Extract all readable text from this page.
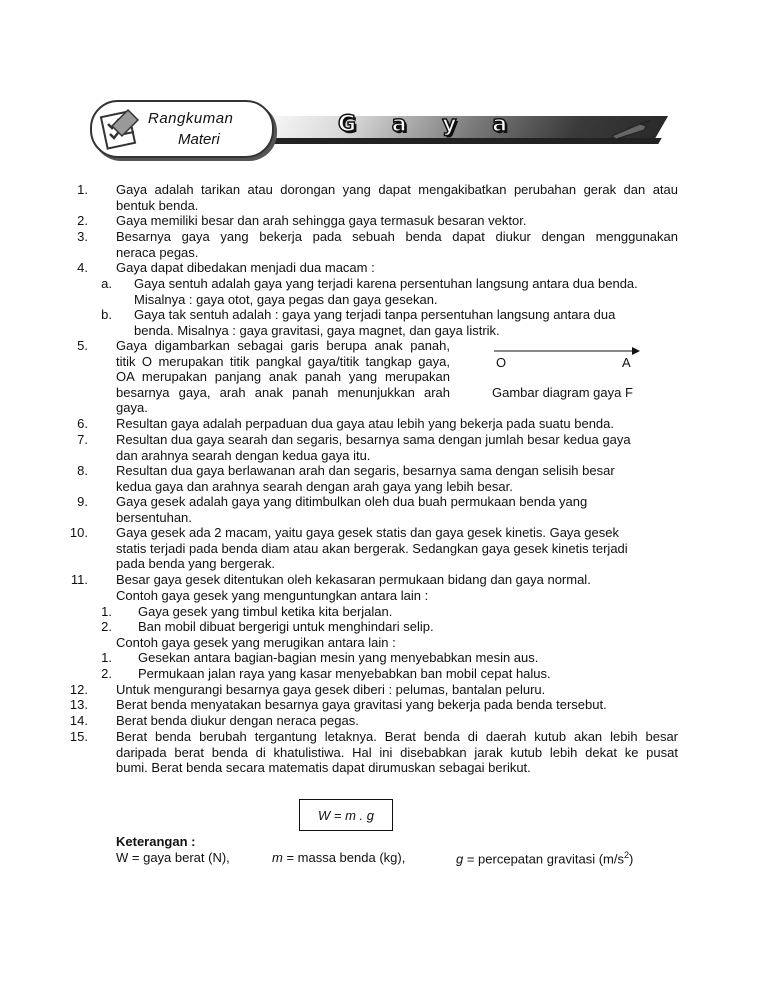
Rangkuman
Materi
G a y a
1. Gaya adalah tarikan atau dorongan yang dapat mengakibatkan perubahan gerak dan atau
bentuk benda.
2. Gaya memiliki besar dan arah sehingga gaya termasuk besaran vektor.
3. Besarnya gaya yang bekerja pada sebuah benda dapat diukur dengan menggunakan
neraca pegas.
4. Gaya dapat dibedakan menjadi dua macam :
a. Gaya sentuh adalah gaya yang terjadi karena persentuhan langsung antara dua benda.
Misalnya : gaya otot, gaya pegas dan gaya gesekan.
b. Gaya tak sentuh adalah : gaya yang terjadi tanpa persentuhan langsung antara dua
benda. Misalnya : gaya gravitasi, gaya magnet, dan gaya listrik.
5. Gaya digambarkan sebagai garis berupa anak panah,
titik O merupakan titik pangkal gaya/titik tangkap gaya,
OA merupakan panjang anak panah yang merupakan
besarnya gaya, arah anak panah menunjukkan arah
gaya.
6. Resultan gaya adalah perpaduan dua gaya atau lebih yang bekerja pada suatu benda.
7. Resultan dua gaya searah dan segaris, besarnya sama dengan jumlah besar kedua gaya
dan arahnya searah dengan kedua gaya itu.
8. Resultan dua gaya berlawanan arah dan segaris, besarnya sama dengan selisih besar
kedua gaya dan arahnya searah dengan arah gaya yang lebih besar.
9. Gaya gesek adalah gaya yang ditimbulkan oleh dua buah permukaan benda yang
bersentuhan.
10. Gaya gesek ada 2 macam, yaitu gaya gesek statis dan gaya gesek kinetis. Gaya gesek
statis terjadi pada benda diam atau akan bergerak. Sedangkan gaya gesek kinetis terjadi
pada benda yang bergerak.
11. Besar gaya gesek ditentukan oleh kekasaran permukaan bidang dan gaya normal.
Contoh gaya gesek yang menguntungkan antara lain :
1. Gaya gesek yang timbul ketika kita berjalan.
2. Ban mobil dibuat bergerigi untuk menghindari selip.
Contoh gaya gesek yang merugikan antara lain :
1. Gesekan antara bagian-bagian mesin yang menyebabkan mesin aus.
2. Permukaan jalan raya yang kasar menyebabkan ban mobil cepat halus.
12. Untuk mengurangi besarnya gaya gesek diberi : pelumas, bantalan peluru.
13. Berat benda menyatakan besarnya gaya gravitasi yang bekerja pada benda tersebut.
14. Berat benda diukur dengan neraca pegas.
15. Berat benda berubah tergantung letaknya. Berat benda di daerah kutub akan lebih besar
daripada berat benda di khatulistiwa. Hal ini disebabkan jarak kutub lebih dekat ke pusat
bumi. Berat benda secara matematis dapat dirumuskan sebagai berikut.
O	A
Gambar diagram gaya F
W = m . g
Keterangan :
W = gaya berat (N),	m = massa benda (kg),	g = percepatan gravitasi $(m/s^2)$
